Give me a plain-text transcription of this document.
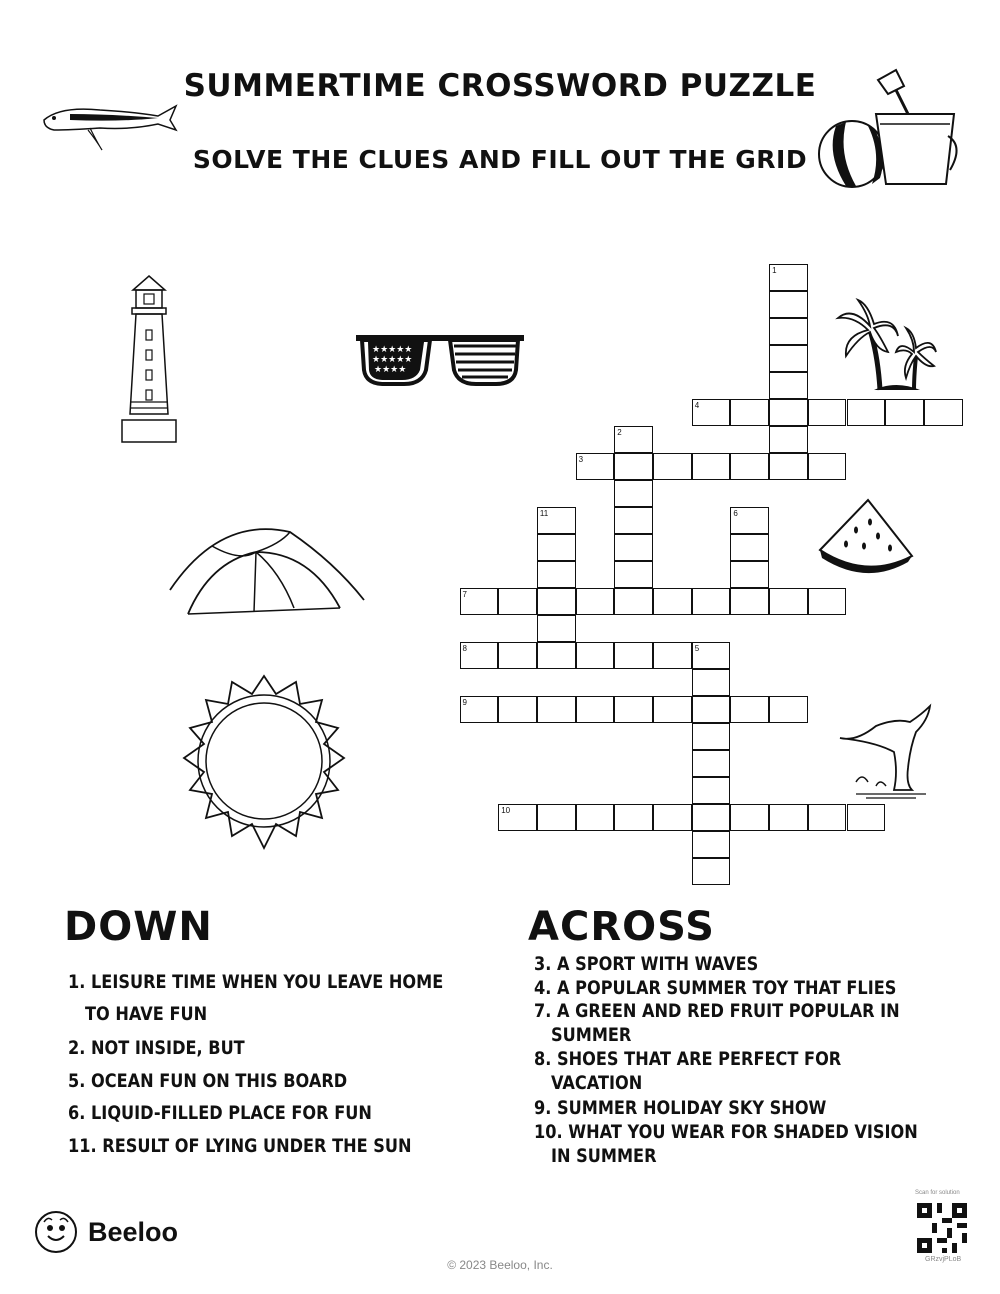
SUMMERTIME CROSSWORD PUZZLE
SOLVE THE CLUES AND FILL OUT THE GRID
★★★★★
★★★★★
★★★★
1
2
3
4
5
6
7
8
9
10
11
DOWN	ACROSS
1. LEISURE TIME WHEN YOU LEAVE HOME
TO HAVE FUN
2. NOT INSIDE, BUT
5. OCEAN FUN ON THIS BOARD
6. LIQUID-FILLED PLACE FOR FUN
11. RESULT OF LYING UNDER THE SUN
3. A SPORT WITH WAVES
4. A POPULAR SUMMER TOY THAT FLIES
7. A GREEN AND RED FRUIT POPULAR IN
SUMMER
8. SHOES THAT ARE PERFECT FOR
VACATION
9. SUMMER HOLIDAY SKY SHOW
10. WHAT YOU WEAR FOR SHADED VISION
IN SUMMER
Beeloo
© 2023 Beeloo, Inc.
Scan for solution
GRzvjPLoB
